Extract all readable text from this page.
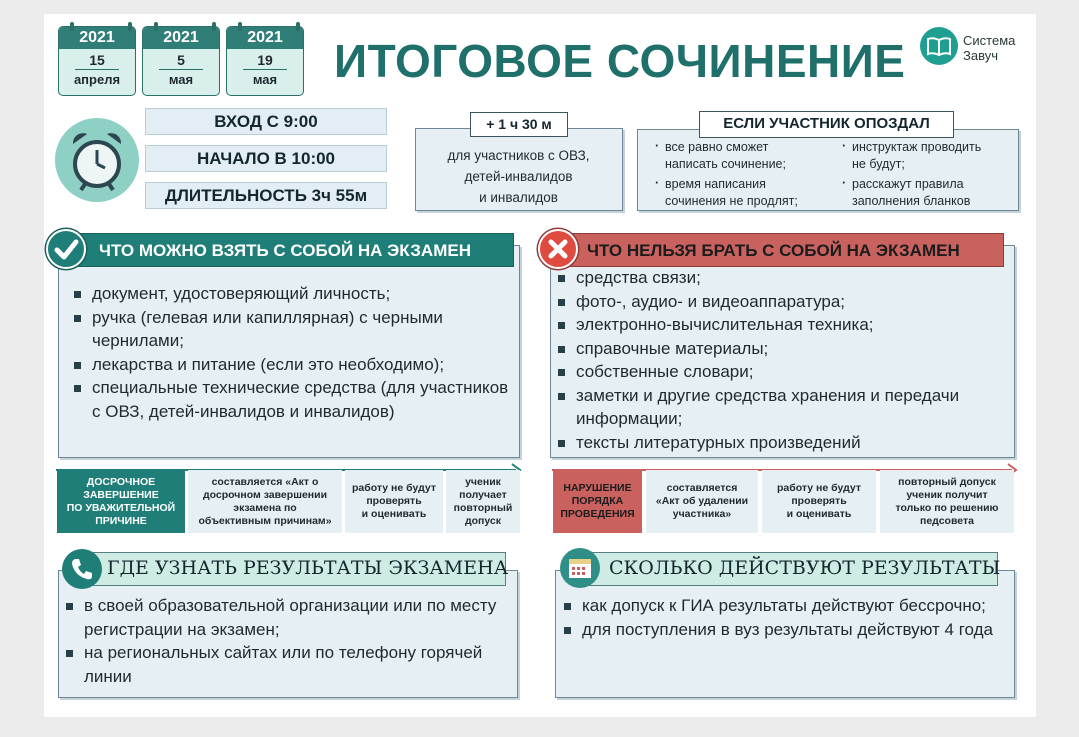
2021
15
апреля
2021
5
мая
2021
19
мая	ИТОГОВОЕ СОЧИНЕНИЕ	Система
Завуч
ВХОД С 9:00
НАЧАЛО В 10:00
ДЛИТЕЛЬНОСТЬ 3ч 55м
для участников с ОВЗ,
детей-инвалидов
и инвалидов
+ 1 ч 30 м	ЕСЛИ УЧАСТНИК ОПОЗДАЛ
· все равно сможет
написать сочинение;
· время написания
сочинения не продлят;
· инструктаж проводить
не будут;
· расскажут правила
заполнения бланков
ЧТО МОЖНО ВЗЯТЬ С СОБОЙ НА ЭКЗАМЕН
документ, удостоверяющий личность;
ручка (гелевая или капиллярная) с черными чернилами;
лекарства и питание (если это необходимо);
специальные технические средства (для участников с ОВЗ, детей-инвалидов и инвалидов)
ЧТО НЕЛЬЗЯ БРАТЬ С СОБОЙ НА ЭКЗАМЕН
средства связи;
фото-, аудио- и видеоаппаратура;
электронно-вычислительная техника;
справочные материалы;
собственные словари;
заметки и другие средства хранения и передачи информации;
тексты литературных произведений
ДОСРОЧНОЕ
ЗАВЕРШЕНИЕ
ПО УВАЖИТЕЛЬНОЙ
ПРИЧИНЕ
составляется «Акт о
досрочном завершении
экзамена по
объективным причинам»
работу не будут
проверять
и оценивать
ученик
получает
повторный
допуск
НАРУШЕНИЕ
ПОРЯДКА
ПРОВЕДЕНИЯ
составляется
«Акт об удалении
участника»
работу не будут
проверять
и оценивать
повторный допуск
ученик получит
только по решению
педсовета
ГДЕ УЗНАТЬ РЕЗУЛЬТАТЫ ЭКЗАМЕНА
в своей образовательной организации или по месту регистрации на экзамен;
на региональных сайтах или по телефону горячей линии
СКОЛЬКО ДЕЙСТВУЮТ РЕЗУЛЬТАТЫ
как допуск к ГИА результаты действуют бессрочно;
для поступления в вуз результаты действуют 4 года
